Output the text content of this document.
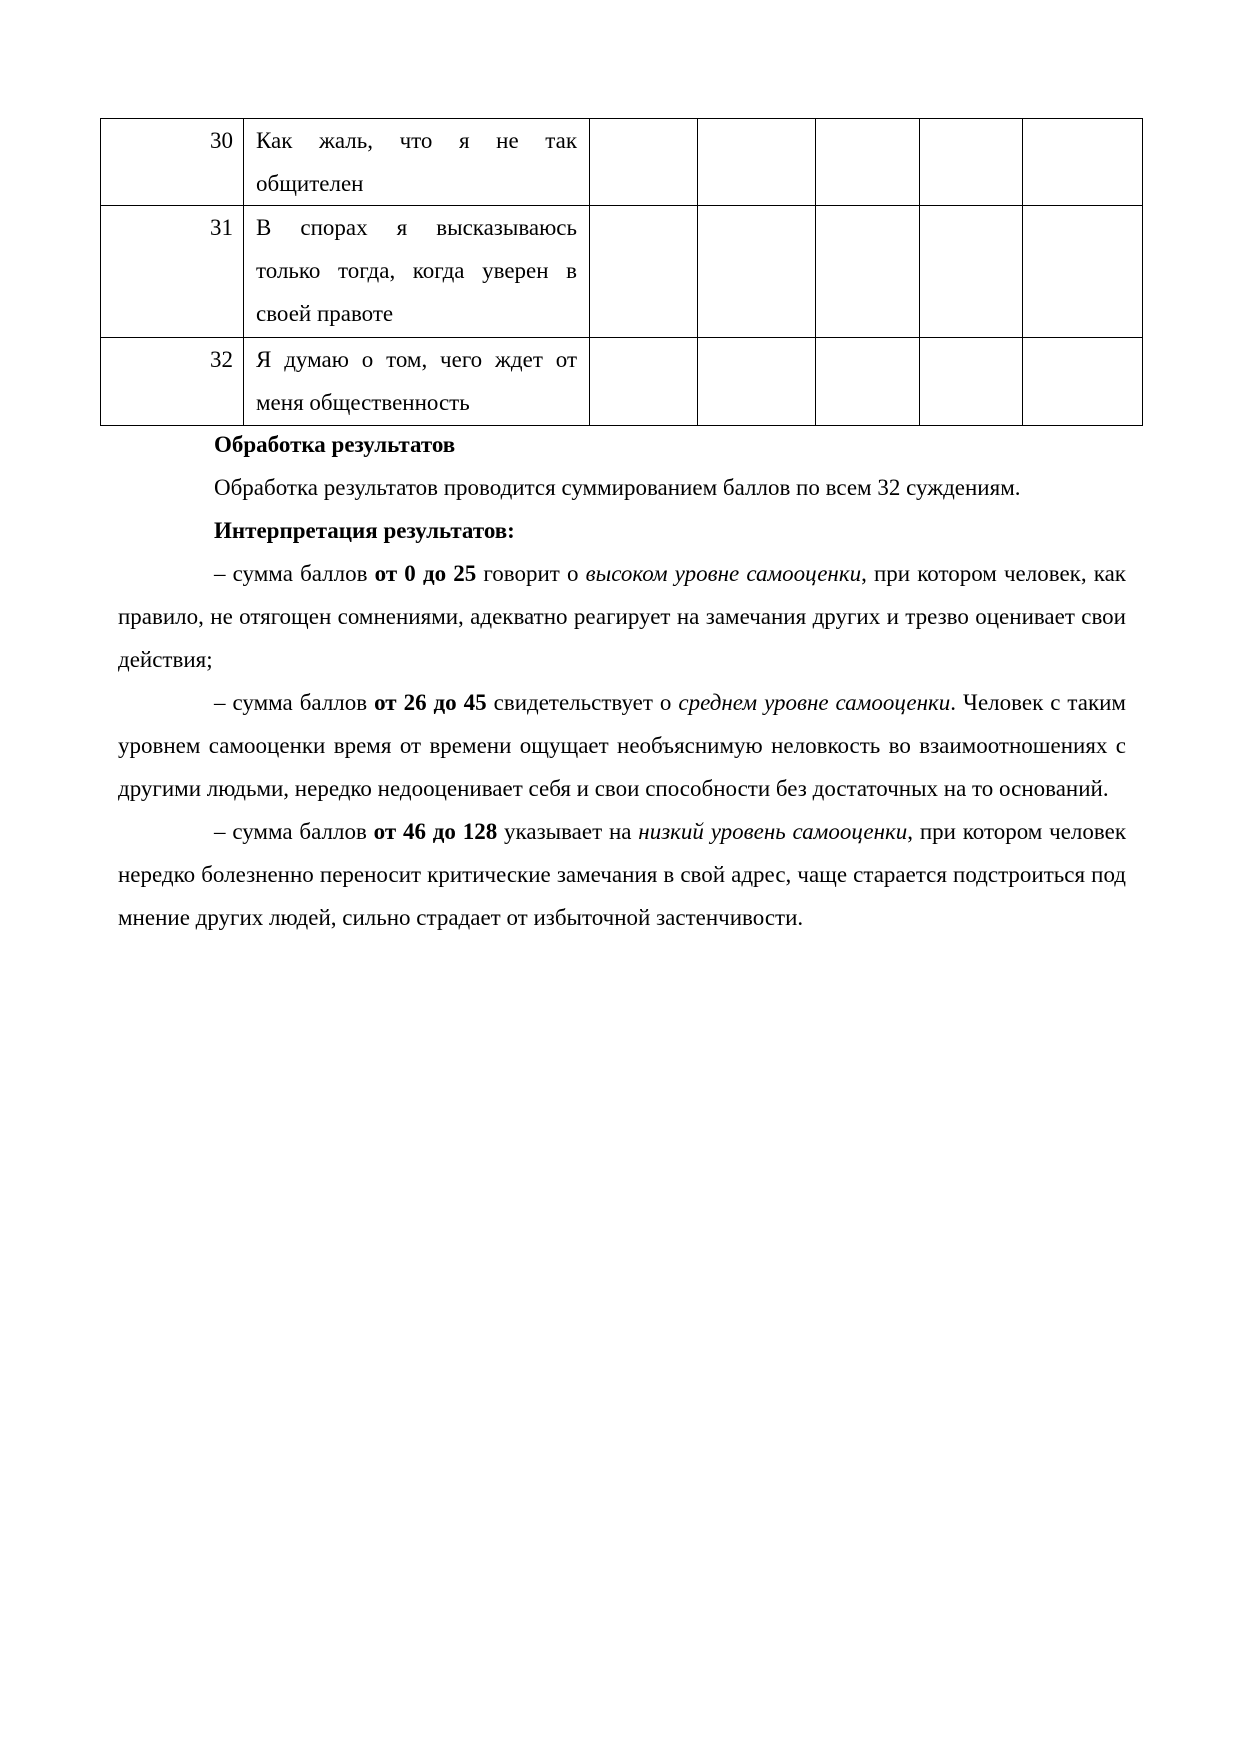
30	Как жаль, что я не так общителен					
31	В спорах я высказываюсь только тогда, когда уверен в своей правоте					
32	Я думаю о том, чего ждет от меня общественность					

Обработка результатов

Обработка результатов проводится суммированием баллов по всем 32 суждениям.

Интерпретация результатов:

– сумма баллов от 0 до 25 говорит о высоком уровне самооценки, при котором человек, как правило, не отягощен сомнениями, адекватно реагирует на замечания других и трезво оценивает свои действия;

– сумма баллов от 26 до 45 свидетельствует о среднем уровне самооценки. Человек с таким уровнем самооценки время от времени ощущает необъяснимую неловкость во взаимоотношениях с другими людьми, нередко недооценивает себя и свои способности без достаточных на то оснований.

– сумма баллов от 46 до 128 указывает на низкий уровень самооценки, при котором человек нередко болезненно переносит критические замечания в свой адрес, чаще старается подстроиться под мнение других людей, сильно страдает от избыточной застенчивости.
